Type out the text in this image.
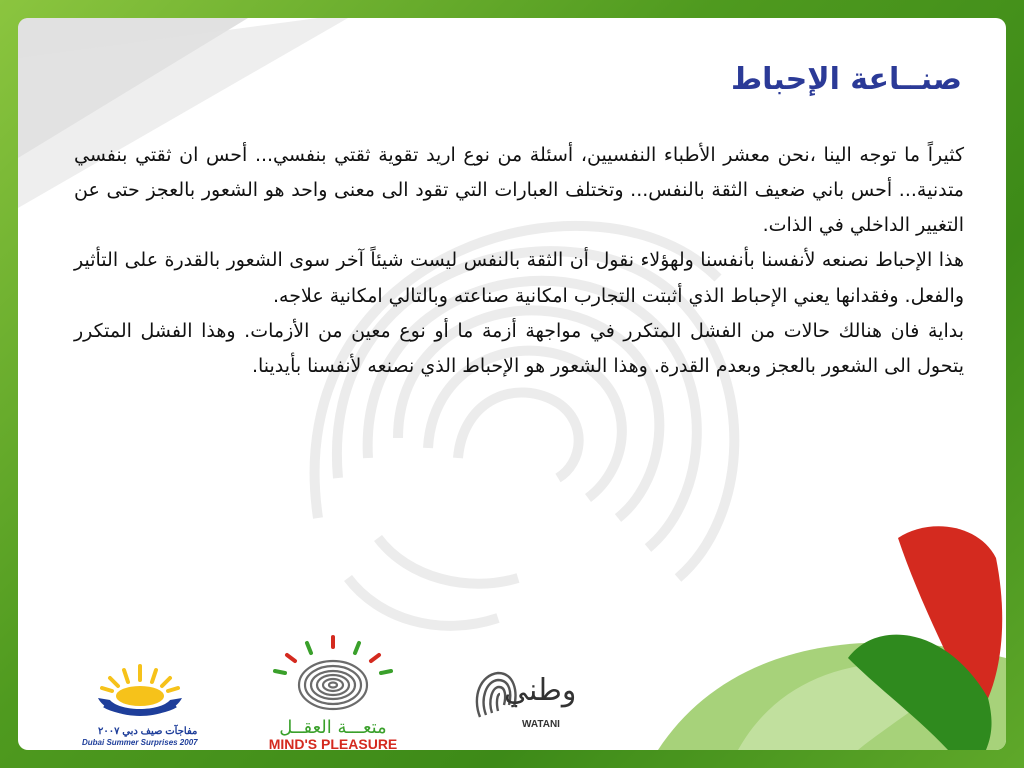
صنــاعة الإحباط

كثيراً ما توجه الينا ،نحن معشر الأطباء النفسيين، أسئلة من نوع اريد تقوية ثقتي بنفسي... أحس ان ثقتي بنفسي متدنية... أحس باني ضعيف الثقة بالنفس... وتختلف العبارات التي تقود الى معنى واحد هو الشعور بالعجز حتى عن التغيير الداخلي في الذات.

هذا الإحباط نصنعه لأنفسنا بأنفسنا ولهؤلاء نقول أن الثقة بالنفس ليست شيئاً آخر سوى الشعور بالقدرة على التأثير والفعل. وفقدانها يعني الإحباط الذي أثبتت التجارب امكانية صناعته وبالتالي امكانية علاجه.

بداية فان هنالك حالات من الفشل المتكرر في مواجهة أزمة ما أو نوع معين من الأزمات. وهذا الفشل المتكرر يتحول الى الشعور بالعجز وبعدم القدرة. وهذا الشعور هو الإحباط الذي نصنعه لأنفسنا بأيدينا.

مفاجآت صيف دبي ٢٠٠٧
Dubai Summer Surprises 2007
متعـــة العقــل
MIND'S PLEASURE
وطني
WATANI
